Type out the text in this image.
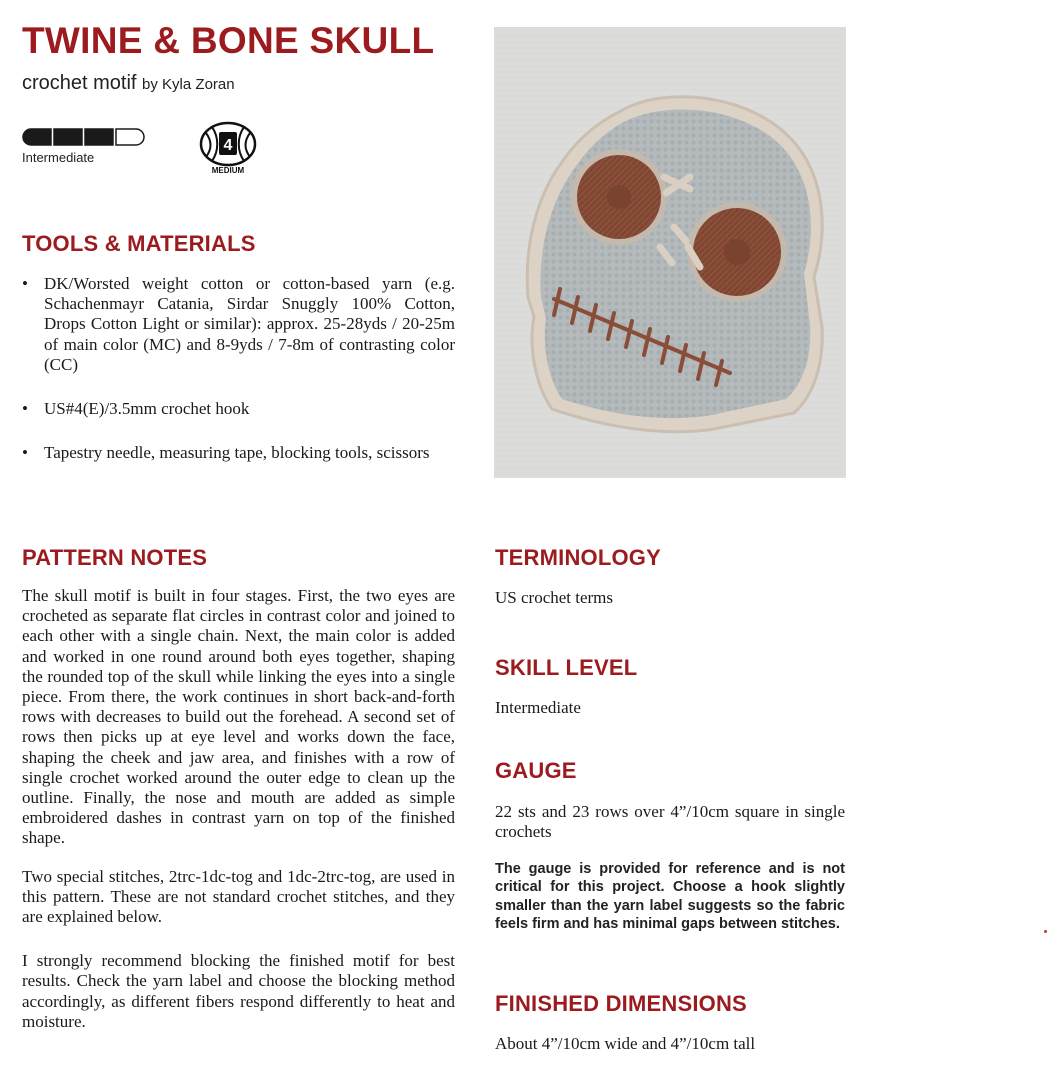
TWINE & BONE SKULL
crochet motif by Kyla Zoran
Intermediate
4
MEDIUM
TOOLS & MATERIALS
• DK/Worsted weight cotton or cotton-based yarn (e.g. Schachenmayr Catania, Sirdar Snuggly 100% Cotton, Drops Cotton Light or similar): approx. 25-28yds / 20-25m of main color (MC) and 8-9yds / 7-8m of contrasting color (CC)
• US#4(E)/3.5mm crochet hook
• Tapestry needle, measuring tape, blocking tools, scissors
PATTERN NOTES

The skull motif is built in four stages. First, the two eyes are crocheted as separate flat circles in contrast color and joined to each other with a single chain. Next, the main color is added and worked in one round around both eyes together, shaping the rounded top of the skull while linking the eyes into a single piece. From there, the work continues in short back-and-forth rows with decreases to build out the forehead. A second set of rows then picks up at eye level and works down the face, shaping the cheek and jaw area, and finishes with a row of single crochet worked around the outer edge to clean up the outline. Finally, the nose and mouth are added as simple embroidered dashes in contrast yarn on top of the finished shape.

Two special stitches, 2trc-1dc-tog and 1dc-2trc-tog, are used in this pattern. These are not standard crochet stitches, and they are explained below.

I strongly recommend blocking the finished motif for best results. Check the yarn label and choose the blocking method accordingly, as different fibers respond differently to heat and moisture.

TERMINOLOGY
US crochet terms
SKILL LEVEL
Intermediate
GAUGE
22 sts and 23 rows over 4”/10cm square in single crochets
The gauge is provided for reference and is not critical for this project. Choose a hook slightly smaller than the yarn label suggests so the fabric feels firm and has minimal gaps between stitches.
FINISHED DIMENSIONS
About 4”/10cm wide and 4”/10cm tall
